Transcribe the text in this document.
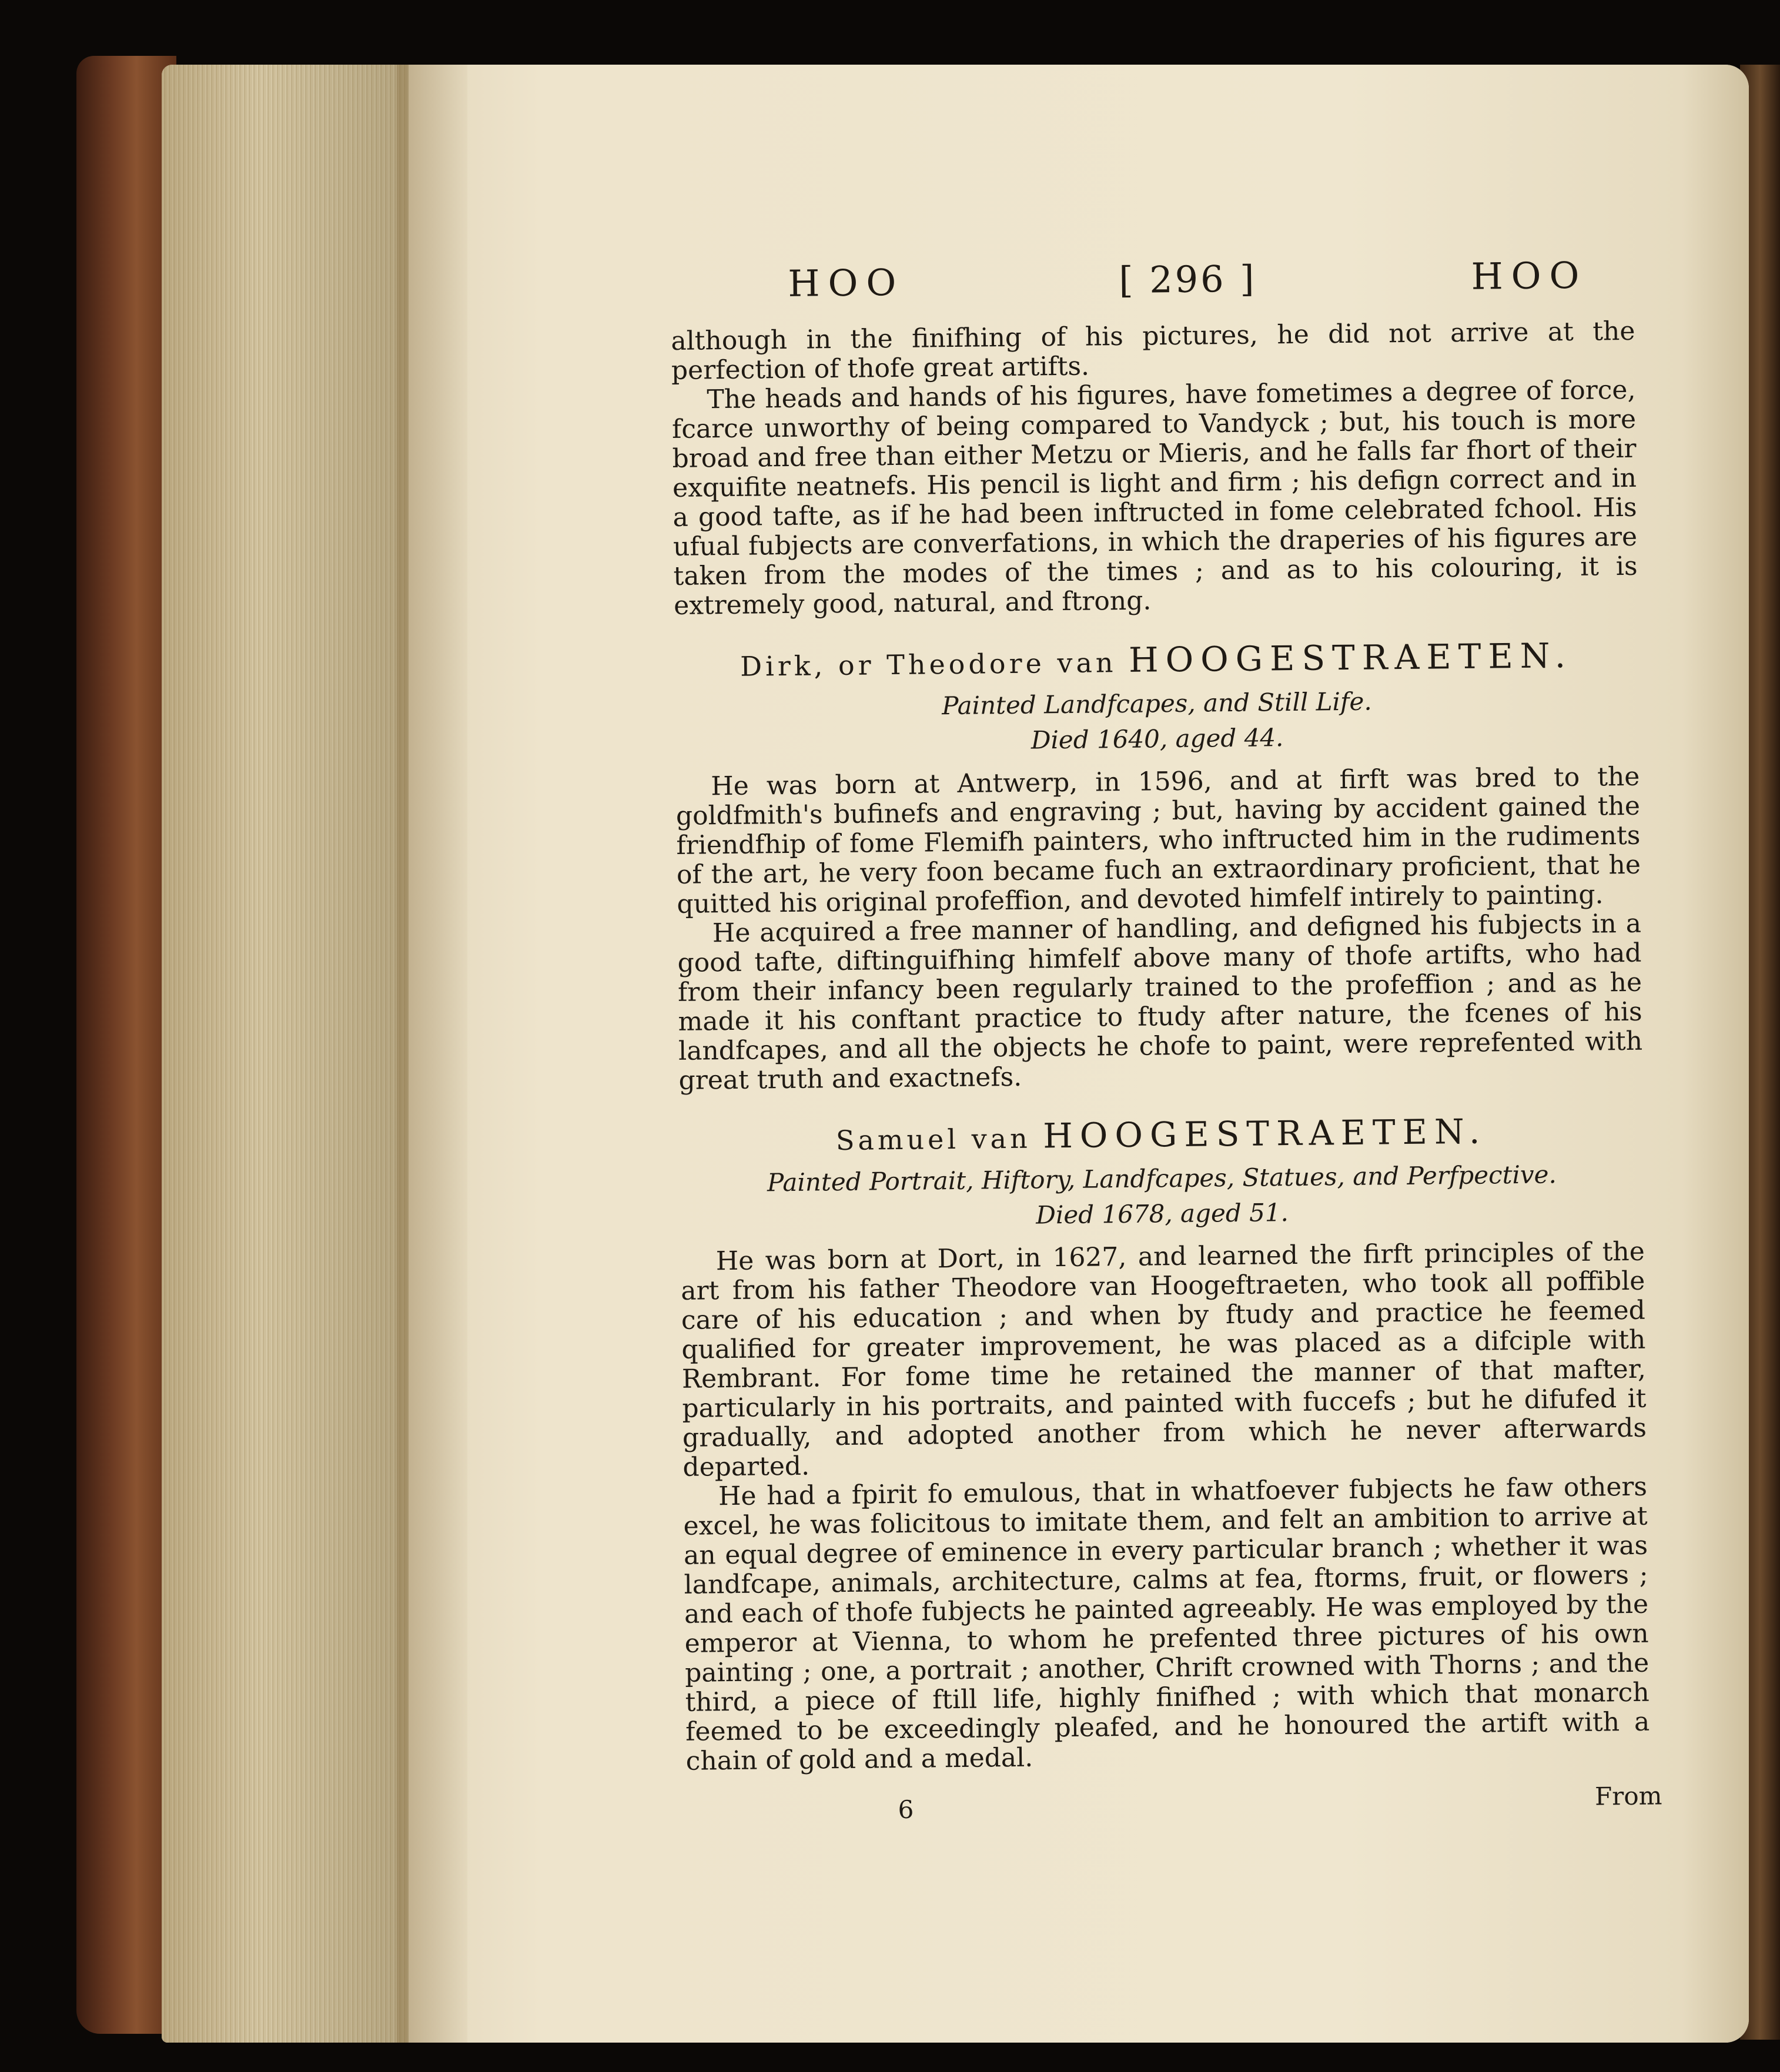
HOO	[ 296 ]	HOO

although in the finifhing of his pictures, he did not arrive at the perfection of thofe great artifts.

The heads and hands of his figures, have fometimes a degree of force, fcarce unworthy of being compared to Vandyck ; but, his touch is more broad and free than either Metzu or Mieris, and he falls far fhort of their exquifite neatnefs. His pencil is light and firm ; his defign correct and in a good tafte, as if he had been inftructed in fome celebrated fchool. His ufual fubjects are converfations, in which the draperies of his figures are taken from the modes of the times ; and as to his colouring, it is extremely good, natural, and ftrong.

Dirk, or Theodore van HOOGESTRAETEN.
Painted Landfcapes, and Still Life.
Died 1640, aged 44.

He was born at Antwerp, in 1596, and at firft was bred to the goldfmith's bufinefs and engraving ; but, having by accident gained the friendfhip of fome Flemifh painters, who inftructed him in the rudiments of the art, he very foon became fuch an extraordinary proficient, that he quitted his original profeffion, and devoted himfelf intirely to painting.

He acquired a free manner of handling, and defigned his fubjects in a good tafte, diftinguifhing himfelf above many of thofe artifts, who had from their infancy been regularly trained to the profeffion ; and as he made it his conftant practice to ftudy after nature, the fcenes of his landfcapes, and all the objects he chofe to paint, were reprefented with great truth and exactnefs.

Samuel van HOOGESTRAETEN.
Painted Portrait, Hiftory, Landfcapes, Statues, and Perfpective.
Died 1678, aged 51.

He was born at Dort, in 1627, and learned the firft principles of the art from his father Theodore van Hoogeftraeten, who took all poffible care of his education ; and when by ftudy and practice he feemed qualified for greater improvement, he was placed as a difciple with Rembrant. For fome time he retained the manner of that mafter, particularly in his portraits, and painted with fuccefs ; but he difufed it gradually, and adopted another from which he never afterwards departed.

He had a fpirit fo emulous, that in whatfoever fubjects he faw others excel, he was folicitous to imitate them, and felt an ambition to arrive at an equal degree of eminence in every particular branch ; whether it was landfcape, animals, architecture, calms at fea, ftorms, fruit, or flowers ; and each of thofe fubjects he painted agreeably. He was employed by the emperor at Vienna, to whom he prefented three pictures of his own painting ; one, a portrait ; another, Chrift crowned with Thorns ; and the third, a piece of ftill life, highly finifhed ; with which that monarch feemed to be exceedingly pleafed, and he honoured the artift with a chain of gold and a medal.

6	From
